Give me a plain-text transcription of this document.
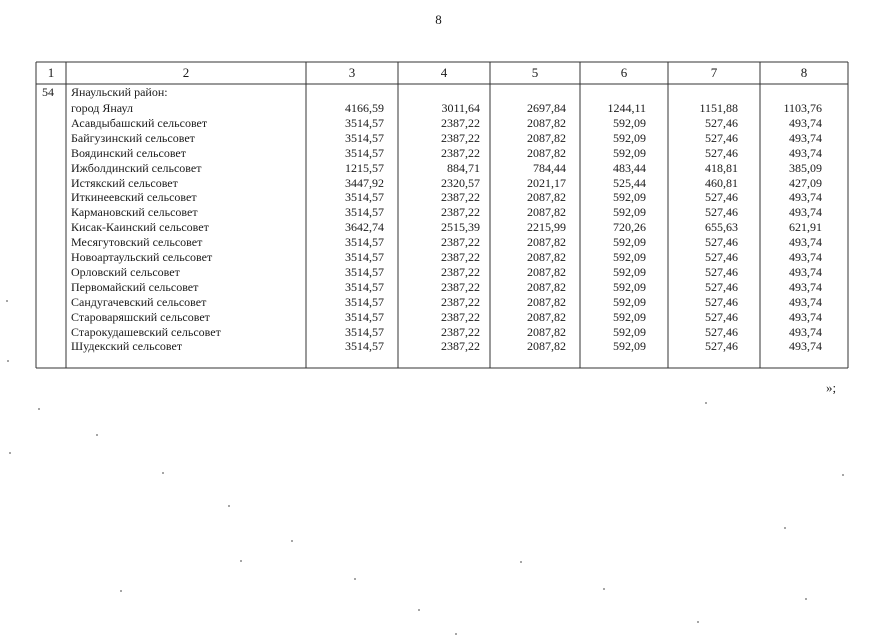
8
1	2	3	4	5	6	7	8
54 Янаульский район:
город Янаул	4166,59	3011,64	2697,84	1244,11	1151,88	1103,76
Асавдыбашский сельсовет	3514,57	2387,22	2087,82	592,09	527,46	493,74
Байгузинский сельсовет	3514,57	2387,22	2087,82	592,09	527,46	493,74
Воядинский сельсовет	3514,57	2387,22	2087,82	592,09	527,46	493,74
Ижболдинский сельсовет	1215,57	884,71	784,44	483,44	418,81	385,09
Истякский сельсовет	3447,92	2320,57	2021,17	525,44	460,81	427,09
Иткинеевский сельсовет	3514,57	2387,22	2087,82	592,09	527,46	493,74
Кармановский сельсовет	3514,57	2387,22	2087,82	592,09	527,46	493,74
Кисак-Каинский сельсовет	3642,74	2515,39	2215,99	720,26	655,63	621,91
Месягутовский сельсовет	3514,57	2387,22	2087,82	592,09	527,46	493,74
Новоартаульский сельсовет	3514,57	2387,22	2087,82	592,09	527,46	493,74
Орловский сельсовет	3514,57	2387,22	2087,82	592,09	527,46	493,74
Первомайский сельсовет	3514,57	2387,22	2087,82	592,09	527,46	493,74
Сандугачевский сельсовет	3514,57	2387,22	2087,82	592,09	527,46	493,74
Староваряшский сельсовет	3514,57	2387,22	2087,82	592,09	527,46	493,74
Старокудашевский сельсовет	3514,57	2387,22	2087,82	592,09	527,46	493,74
Шудекский сельсовет	3514,57	2387,22	2087,82	592,09	527,46	493,74
»;
